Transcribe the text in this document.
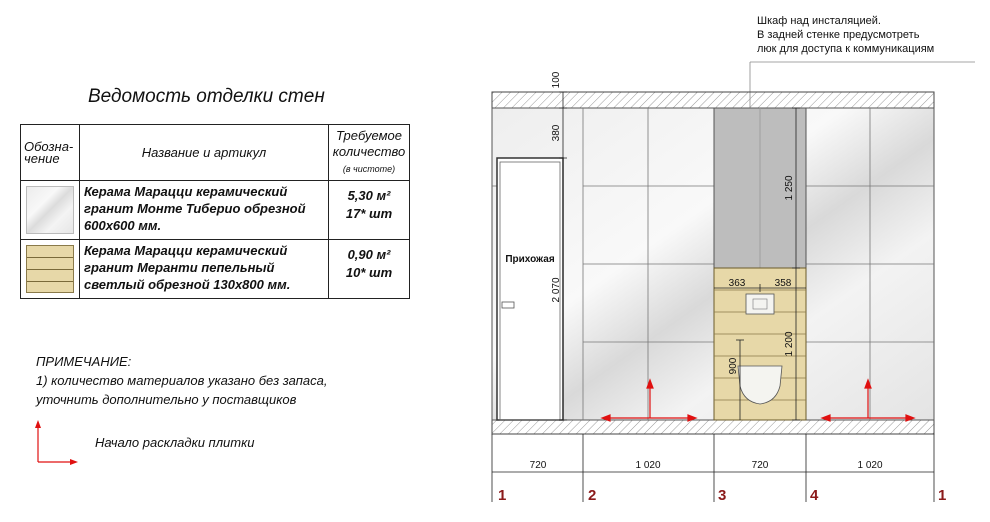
Ведомость отделки стен
Обозна-чение	Название и артикул	Требуемое количество
(в чистоте)

	Керама Марацци керамический гранит Монте Тиберио обрезной 600х600 мм.	5,30 м²
17* шт

	Керама Марацци керамический гранит Меранти пепельный светлый обрезной 130х800 мм.	0,90 м²
10* шт
ПРИМЕЧАНИЕ:
1) количество материалов указано без запаса,
уточнить дополнительно у поставщиков
Начало раскладки плитки
Шкаф над инсталяцией.
В задней стенке предусмотреть
люк для доступа к коммуникациям
Прихожая
100
380
2 070
1 250
363	358
1 200
900
720	1 020	720	1 020
1	2	3	4	1
